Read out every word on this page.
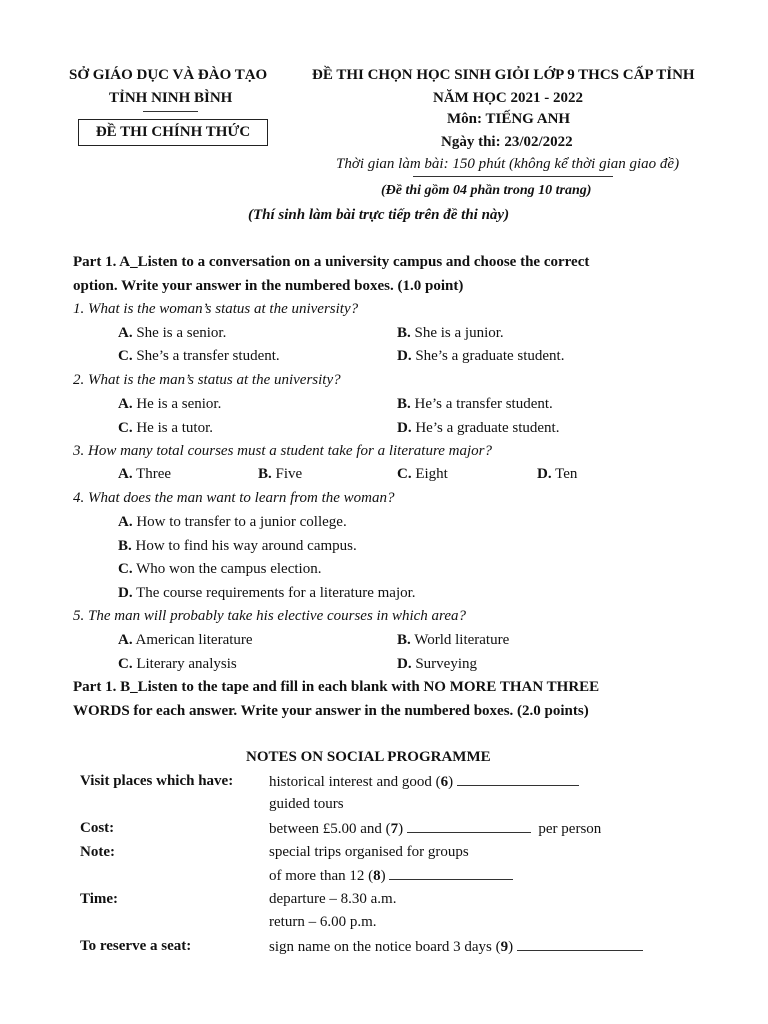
SỞ GIÁO DỤC VÀ ĐÀO TẠO
TỈNH NINH BÌNH
ĐỀ THI CHÍNH THỨC
ĐỀ THI CHỌN HỌC SINH GIỎI LỚP 9 THCS CẤP TỈNH
NĂM HỌC 2021 - 2022
Môn: TIẾNG ANH
Ngày thi: 23/02/2022
Thời gian làm bài: 150 phút (không kể thời gian giao đề)
(Đề thi gồm 04 phần trong 10 trang)
(Thí sinh làm bài trực tiếp trên đề thi này)
Part 1. A_Listen to a conversation on a university campus and choose the correct
option. Write your answer in the numbered boxes. (1.0 point)
1. What is the woman’s status at the university?
A. She is a senior.	B. She is a junior.
C. She’s a transfer student.	D. She’s a graduate student.
2. What is the man’s status at the university?
A. He is a senior.	B. He’s a transfer student.
C. He is a tutor.	D. He’s a graduate student.
3. How many total courses must a student take for a literature major?
A. Three	B. Five	C. Eight	D. Ten
4. What does the man want to learn from the woman?
A. How to transfer to a junior college.
B. How to find his way around campus.
C. Who won the campus election.
D. The course requirements for a literature major.
5. The man will probably take his elective courses in which area?
A. American literature	B. World literature
C. Literary analysis	D. Surveying
Part 1. B_Listen to the tape and fill in each blank with NO MORE THAN THREE
WORDS for each answer. Write your answer in the numbered boxes. (2.0 points)
NOTES ON SOCIAL PROGRAMME
Visit places which have: historical interest and good (6)
guided tours
Cost:	between £5.00 and (7)	per person
Note:	special trips organised for groups
of more than 12 (8)
Time:	departure – 8.30 a.m.
return – 6.00 p.m.
To reserve a seat:	sign name on the notice board 3 days (9)
